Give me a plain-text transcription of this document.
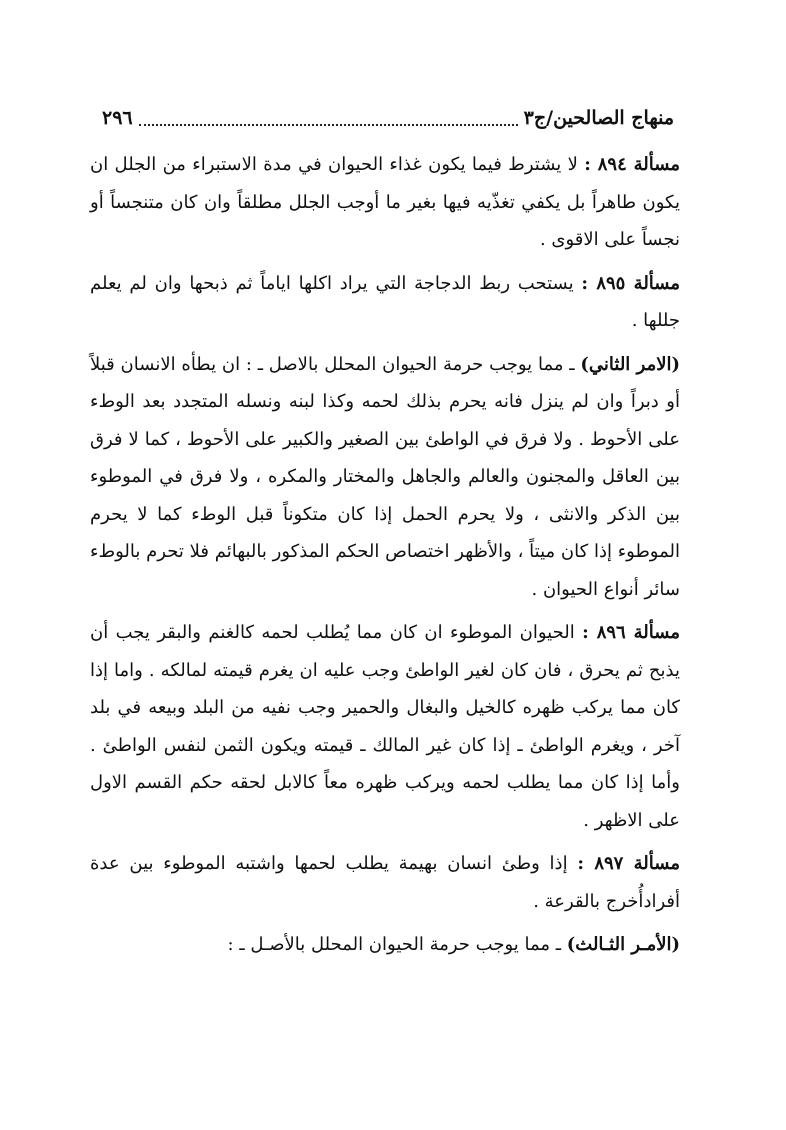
منهاج الصالحين/ج٣
٢٩٦

مسألة ٨٩٤ : لا يشترط فيما يكون غذاء الحيوان في مدة الاستبراء من الجلل ان يكون طاهراً بل يكفي تغذّيه فيها بغير ما أوجب الجلل مطلقاً وان كان متنجساً أو نجساً على الاقوى .

مسألة ٨٩٥ : يستحب ربط الدجاجة التي يراد اكلها اياماً ثم ذبحها وان لم يعلم جللها .

(الامر الثاني) ـ مما يوجب حرمة الحيوان المحلل بالاصل ـ : ان يطأه الانسان قبلاً أو دبراً وان لم ينزل فانه يحرم بذلك لحمه وكذا لبنه ونسله المتجدد بعد الوطء على الأحوط . ولا فرق في الواطئ بين الصغير والكبير على الأحوط ، كما لا فرق بين العاقل والمجنون والعالم والجاهل والمختار والمكره ، ولا فرق في الموطوء بين الذكر والانثى ، ولا يحرم الحمل إذا كان متكوناً قبل الوطء كما لا يحرم الموطوء إذا كان ميتاً ، والأظهر اختصاص الحكم المذكور بالبهائم فلا تحرم بالوطء سائر أنواع الحيوان .

مسألة ٨٩٦ : الحيوان الموطوء ان كان مما يُطلب لحمه كالغنم والبقر يجب أن يذبح ثم يحرق ، فان كان لغير الواطئ وجب عليه ان يغرم قيمته لمالكه . واما إذا كان مما يركب ظهره كالخيل والبغال والحمير وجب نفيه من البلد وبيعه في بلد آخر ، ويغرم الواطئ ـ إذا كان غير المالك ـ قيمته ويكون الثمن لنفس الواطئ . وأما إذا كان مما يطلب لحمه ويركب ظهره معاً كالابل لحقه حكم القسم الاول على الاظهر .

مسألة ٨٩٧ : إذا وطئ انسان بهيمة يطلب لحمها واشتبه الموطوء بين عدة أفرادأُخرج بالقرعة .

(الأمـر الثـالث) ـ مما يوجب حرمة الحيوان المحلل بالأصـل ـ :
